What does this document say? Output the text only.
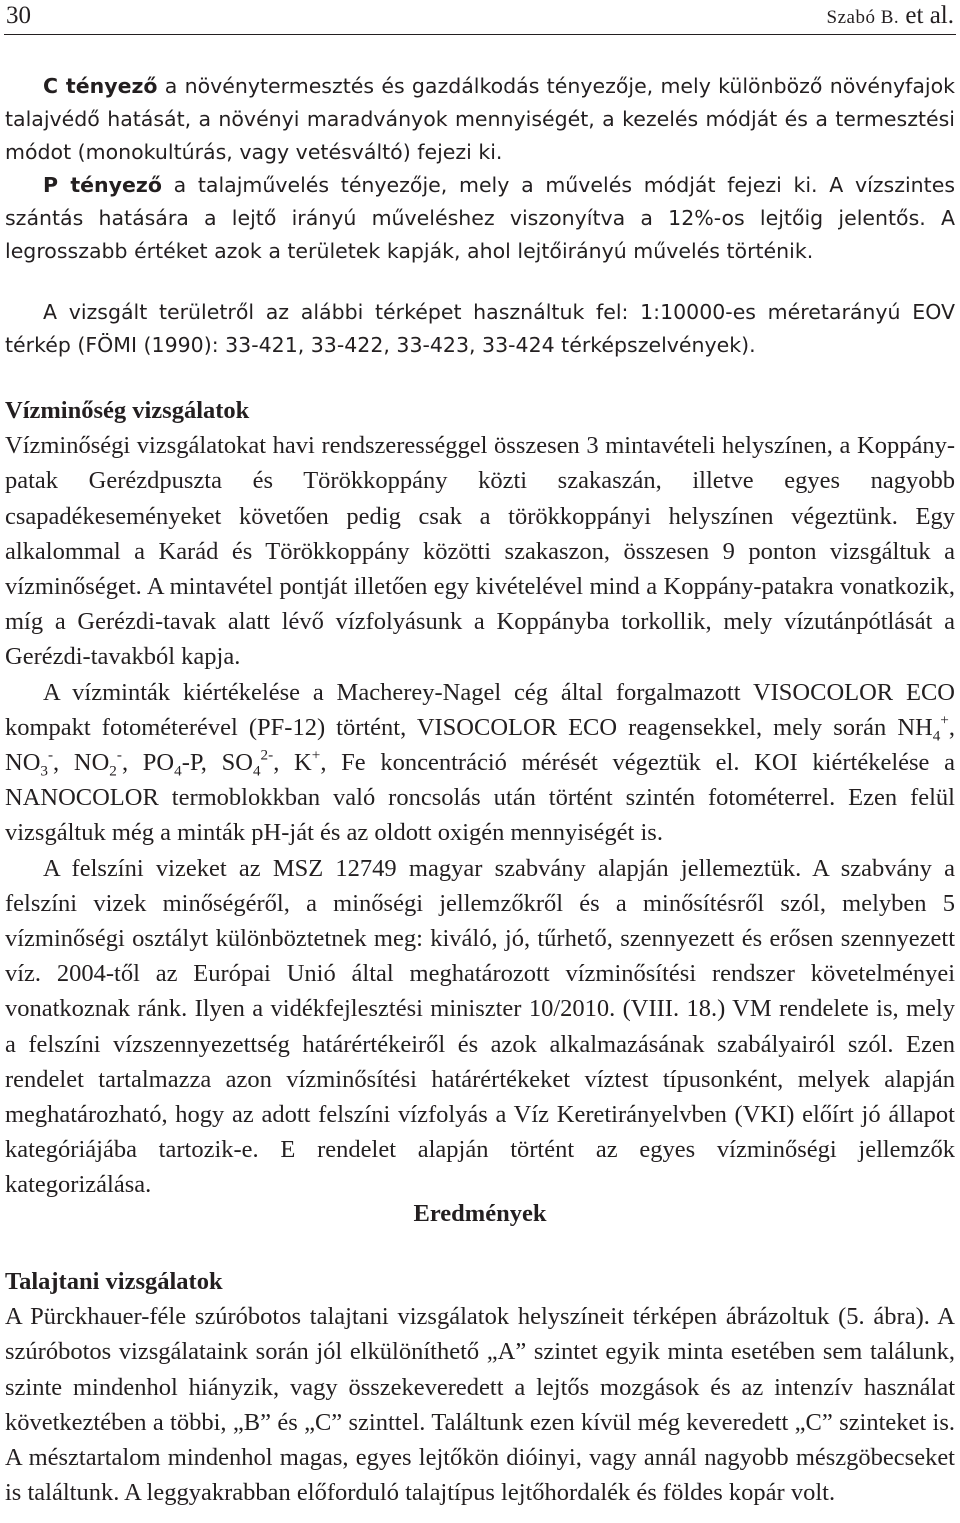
30	Szabó B. et al.

C tényező a növénytermesztés és gazdálkodás tényezője, mely különböző növényfajok talajvédő hatását, a növényi maradványok mennyiségét, a kezelés módját és a termesztési módot (monokultúrás, vagy vetésváltó) fejezi ki.

P tényező a talajművelés tényezője, mely a művelés módját fejezi ki. A vízszintes szántás hatására a lejtő irányú műveléshez viszonyítva a 12%-os lejtőig jelentős. A legrosszabb értéket azok a területek kapják, ahol lejtőirányú művelés történik.

A vizsgált területről az alábbi térképet használtuk fel: 1:10000-es méretarányú EOV térkép (FÖMI (1990): 33-421, 33-422, 33-423, 33-424 térképszelvények).

Vízminőség vizsgálatok

Vízminőségi vizsgálatokat havi rendszerességgel összesen 3 mintavételi helyszínen, a Koppány-patak Gerézdpuszta és Törökkoppány közti szakaszán, illetve egyes nagyobb csapadékeseményeket követően pedig csak a törökkoppányi helyszínen végeztünk. Egy alkalommal a Karád és Törökkoppány közötti szakaszon, összesen 9 ponton vizsgáltuk a vízminőséget. A mintavétel pontját illetően egy kivételével mind a Koppány-patakra vonatkozik, míg a Gerézdi-tavak alatt lévő vízfolyásunk a Koppányba torkollik, mely vízutánpótlását a Gerézdi-tavakból kapja.

A vízminták kiértékelése a Macherey-Nagel cég által forgalmazott VISOCOLOR ECO kompakt fotométerével (PF-12) történt, VISOCOLOR ECO reagensekkel, mely során $NH_4^+$, $NO_3^-$, $NO_2^-$, $PO_4-P$, $SO_4^{2-}$, K+, Fe koncentráció mérését végeztük el. KOI kiértékelése a NANOCOLOR termoblokkban való roncsolás után történt szintén fotométerrel. Ezen felül vizsgáltuk még a minták pH-ját és az oldott oxigén mennyiségét is.

A felszíni vizeket az MSZ 12749 magyar szabvány alapján jellemeztük. A szabvány a felszíni vizek minőségéről, a minőségi jellemzőkről és a minősítésről szól, melyben 5 vízminőségi osztályt különböztetnek meg: kiváló, jó, tűrhető, szennyezett és erősen szennyezett víz. 2004-től az Európai Unió által meghatározott vízminősítési rendszer követelményei vonatkoznak ránk. Ilyen a vidékfejlesztési miniszter 10/2010. (VIII. 18.) VM rendelete is, mely a felszíni vízszennyezettség határértékeiről és azok alkalmazásának szabályairól szól. Ezen rendelet tartalmazza azon vízminősítési határértékeket víztest típusonként, melyek alapján meghatározható, hogy az adott felszíni vízfolyás a Víz Keretirányelvben (VKI) előírt jó állapot kategóriájába tartozik-e. E rendelet alapján történt az egyes vízminőségi jellemzők kategorizálása.

Eredmények
Talajtani vizsgálatok

A Pürckhauer-féle szúróbotos talajtani vizsgálatok helyszíneit térképen ábrázoltuk (5. ábra). A szúróbotos vizsgálataink során jól elkülöníthető „A” szintet egyik minta esetében sem találunk, szinte mindenhol hiányzik, vagy összekeveredett a lejtős mozgások és az intenzív használat következtében a többi, „B” és „C” szinttel. Találtunk ezen kívül még keveredett „C” szinteket is. A mésztartalom mindenhol magas, egyes lejtőkön dióinyi, vagy annál nagyobb mészgöbecseket is találtunk. A leggyakrabban előforduló talajtípus lejtőhordalék és földes kopár volt.
